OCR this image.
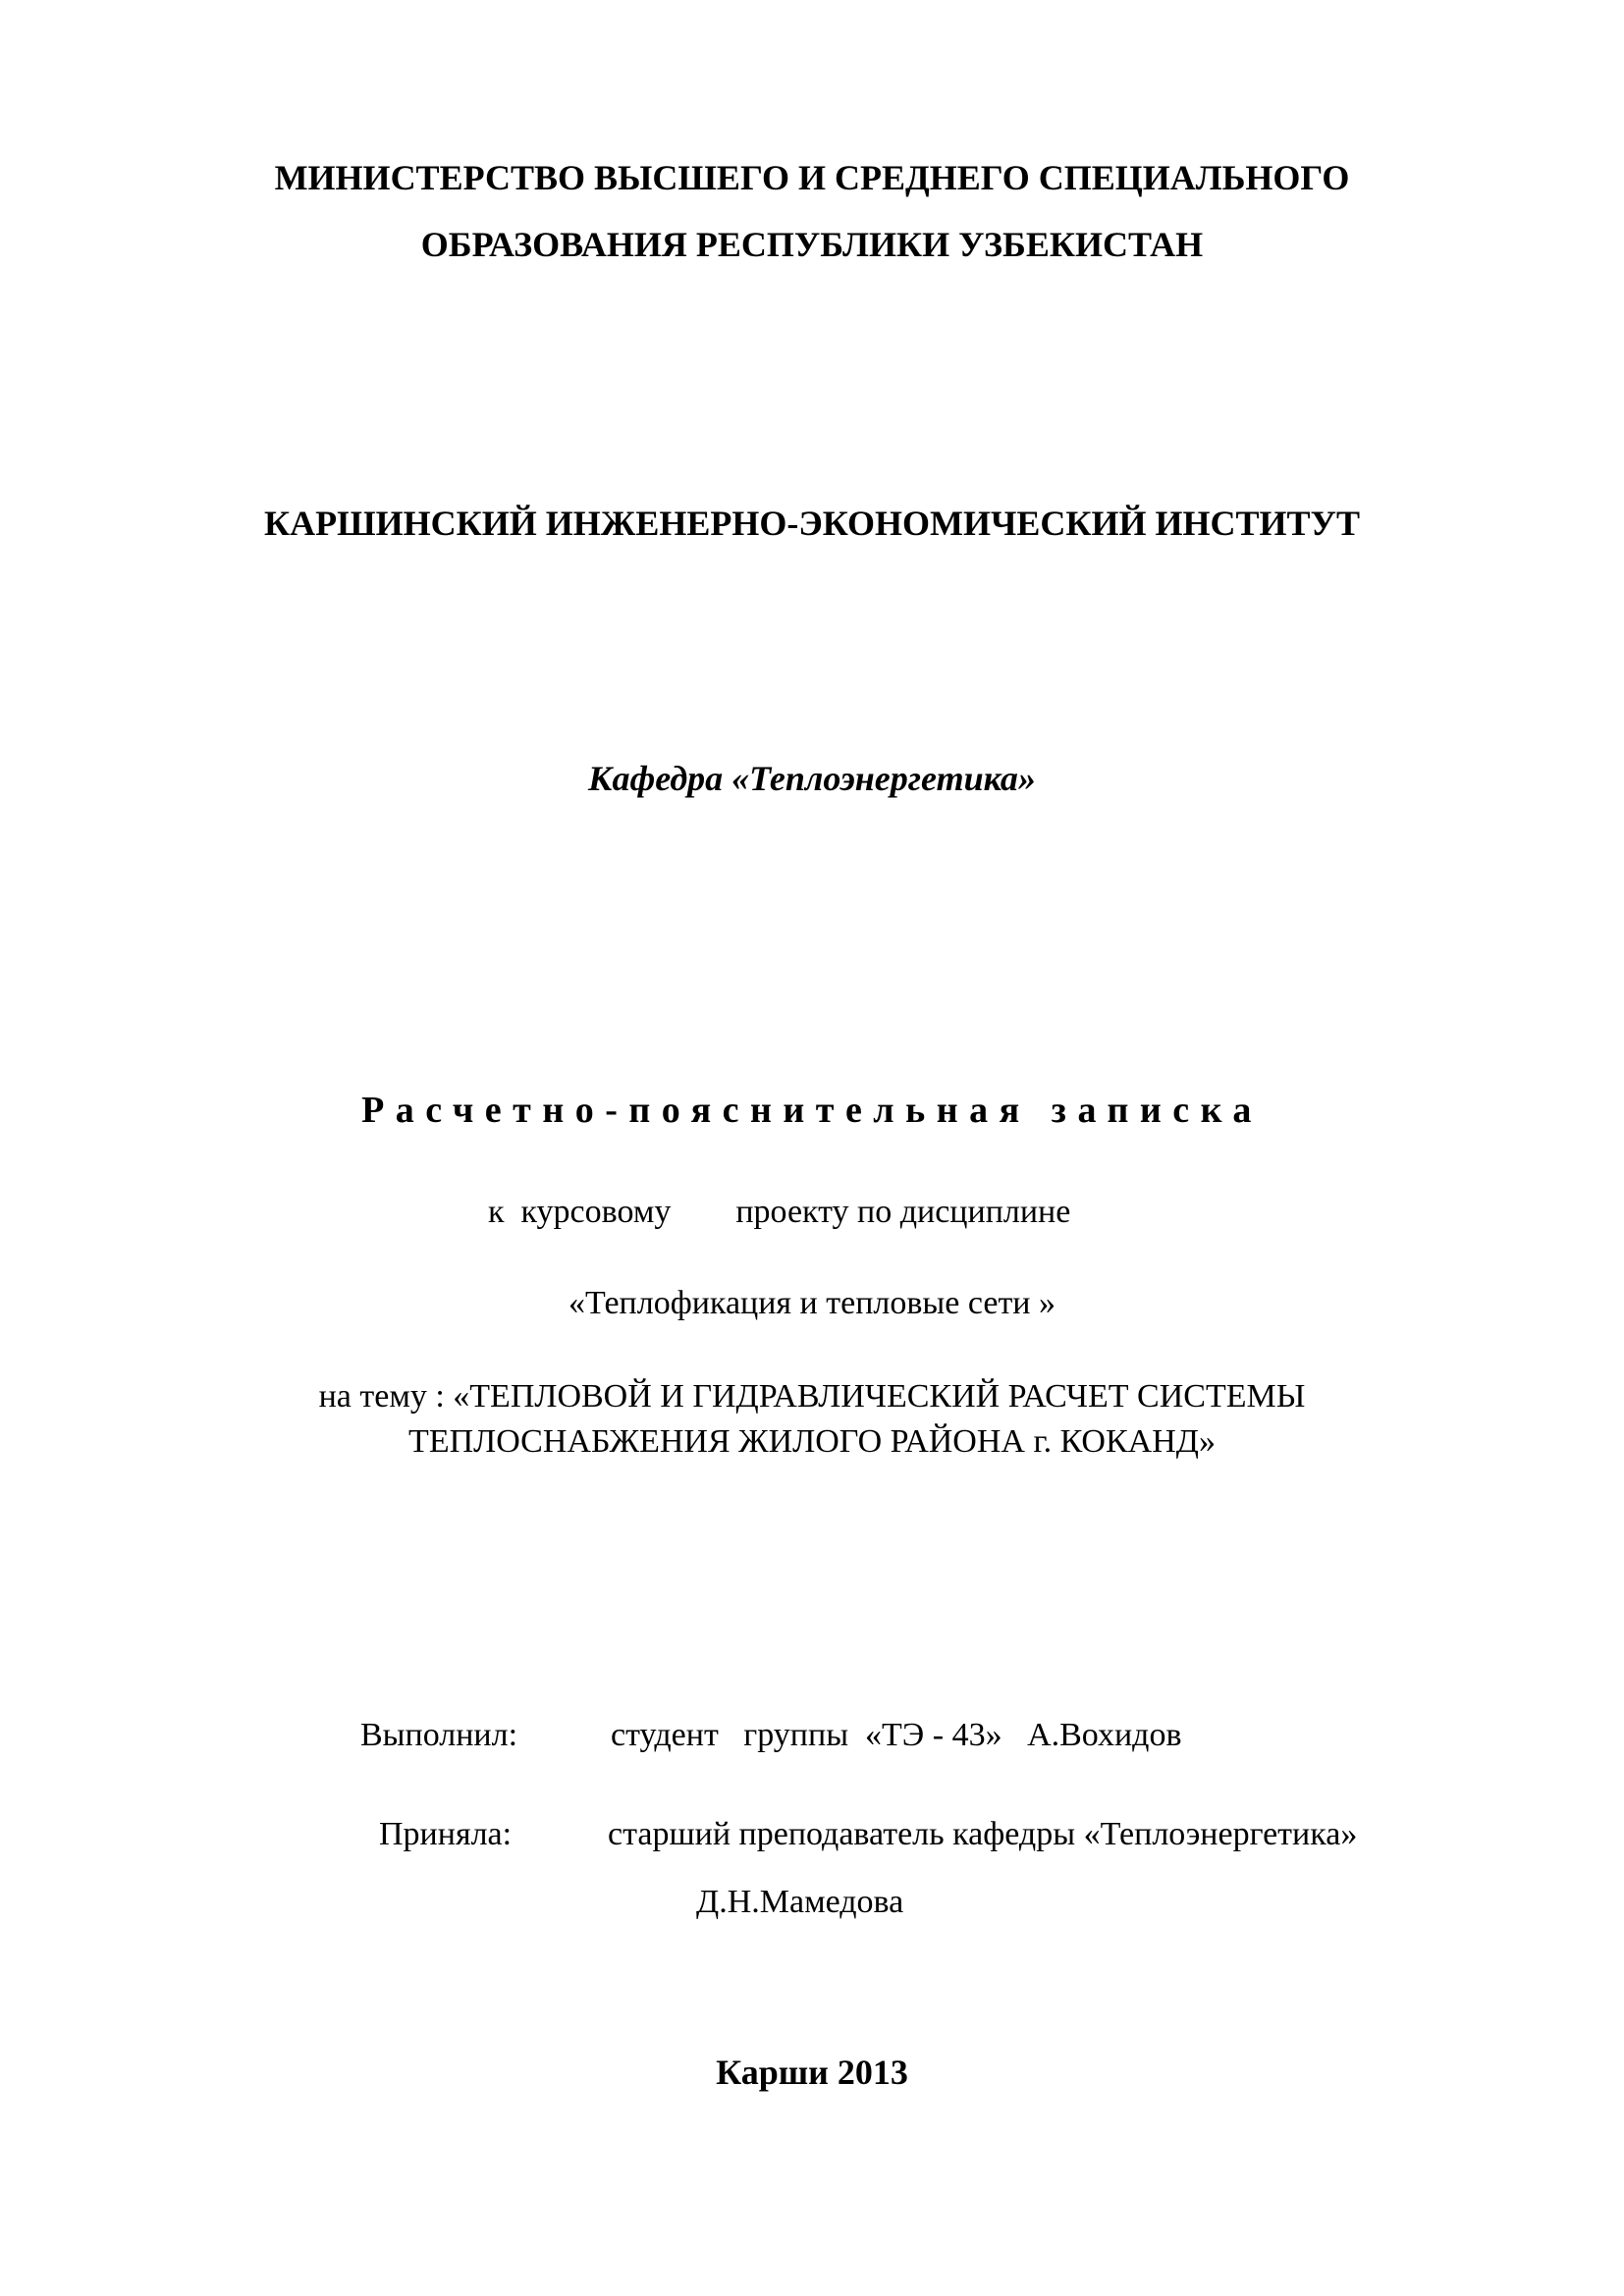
МИНИСТЕРСТВО ВЫСШЕГО И СРЕДНЕГО СПЕЦИАЛЬНОГО
ОБРАЗОВАНИЯ РЕСПУБЛИКИ УЗБЕКИСТАН
КАРШИНСКИЙ ИНЖЕНЕРНО-ЭКОНОМИЧЕСКИЙ ИНСТИТУТ
Кафедра «Теплоэнергетика»
Расчетно-пояснительная записка
к  курсовому проекту по дисциплине
«Теплофикация и тепловые сети »
на тему : «ТЕПЛОВОЙ И ГИДРАВЛИЧЕСКИЙ РАСЧЕТ СИСТЕМЫ
ТЕПЛОСНАБЖЕНИЯ ЖИЛОГО РАЙОНА г. КОКАНД»
Выполнил:	студент   группы  «ТЭ - 43»   А.Вохидов
Приняла:	старший преподаватель кафедры «Теплоэнергетика»
Д.Н.Мамедова
Карши 2013
